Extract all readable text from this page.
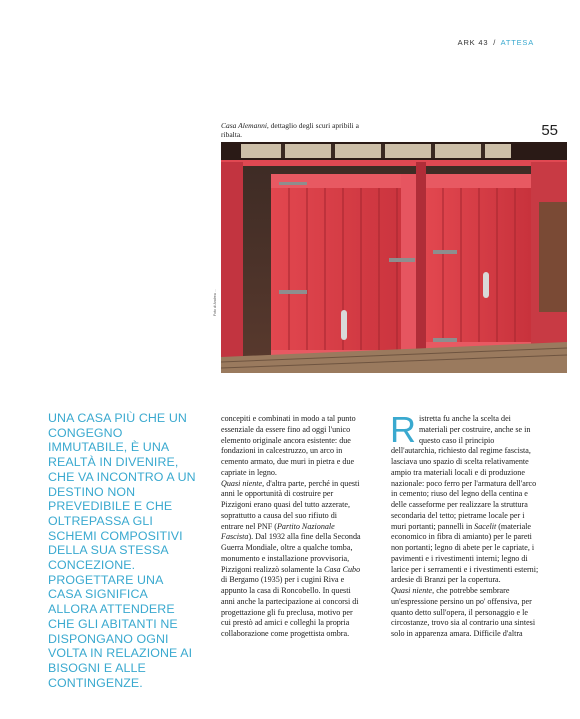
ARK 43 / ATTESA
55
Casa Alemanni, dettaglio degli scuri apribili a ribalta.
Foto di Andrea ...
UNA CASA PIÙ CHE UN CONGEGNO IMMUTABILE, È UNA REALTÀ IN DIVENIRE, CHE VA INCONTRO A UN DESTINO NON PREVEDIBILE E CHE OLTREPASSA GLI SCHEMI COMPOSITIVI DELLA SUA STESSA CONCEZIONE. PROGETTARE UNA CASA SIGNIFICA ALLORA ATTENDERE CHE GLI ABITANTI NE DISPONGANO OGNI VOLTA IN RELAZIONE AI BISOGNI E ALLE CONTINGENZE.

concepiti e combinati in modo a tal punto essenziale da essere fino ad oggi l'unico elemento originale ancora esistente: due fondazioni in calcestruzzo, un arco in cemento armato, due muri in pietra e due capriate in legno.

Quasi niente, d'altra parte, perché in questi anni le opportunità di costruire per Pizzigoni erano quasi del tutto azzerate, soprattutto a causa del suo rifiuto di entrare nel PNF (Partito Nazionale Fascista). Dal 1932 alla fine della Seconda Guerra Mondiale, oltre a qualche tomba, monumento e installazione provvisoria, Pizzigoni realizzò solamente la Casa Cubo di Bergamo (1935) per i cugini Riva e appunto la casa di Roncobello. In questi anni anche la partecipazione ai concorsi di progettazione gli fu preclusa, motivo per cui prestò ad amici e colleghi la propria collaborazione come progettista ombra.

Ristretta fu anche la scelta dei materiali per costruire, anche se in questo caso il principio dell'autarchia, richiesto dal regime fascista, lasciava uno spazio di scelta relativamente ampio tra materiali locali e di produzione nazionale: poco ferro per l'armatura dell'arco in cemento; riuso del legno della centina e delle casseforme per realizzare la struttura secondaria del tetto; pietrame locale per i muri portanti; pannelli in Sacelit (materiale economico in fibra di amianto) per le pareti non portanti; legno di abete per le capriate, i pavimenti e i rivestimenti interni; legno di larice per i serramenti e i rivestimenti esterni; ardesie di Branzi per la copertura.

Quasi niente, che potrebbe sembrare un'espressione persino un po' offensiva, per quanto detto sull'opera, il personaggio e le circostanze, trovo sia al contrario una sintesi solo in apparenza amara. Difficile d'altra
